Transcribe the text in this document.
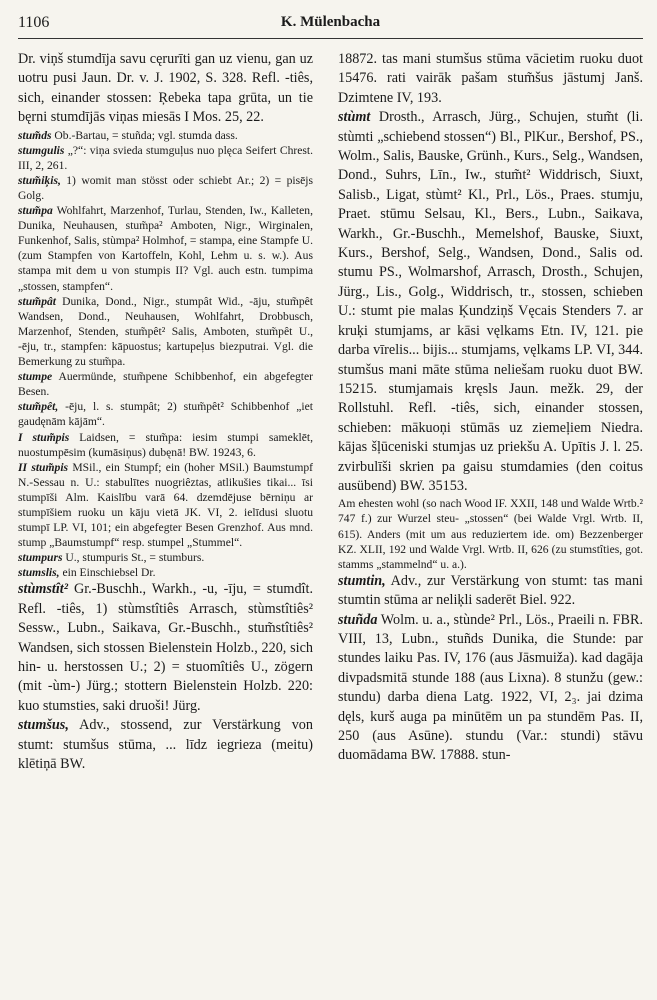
1106	K. Mülenbacha

Dr. viņš stumdīja savu cęrurīti gan uz vienu, gan uz uotru pusi Jaun. Dr. v. J. 1902, S. 328. Refl. -tiês, sich, einander stossen: Ŗebeka tapa grūta, un tie bęrni stumdījās viņas miesās I Mos. 25, 22.

stum̃ds Ob.-Bartau, = stuñda; vgl. stumda dass.

stumgulis „?“: viņa svieda stumguļus nuo plęca Seifert Chrest. III, 2, 261.

stum̃iķis, 1) womit man stösst oder schiebt Ar.; 2) = pisējs Golg.

stum̃pa Wohlfahrt, Marzenhof, Turlau, Stenden, Iw., Kalleten, Dunika, Neuhausen, stum̃pa² Amboten, Nigr., Wirginalen, Funkenhof, Salis, stùmpa² Holmhof, = stampa, eine Stampfe U. (zum Stampfen von Kartoffeln, Kohl, Lehm u. s. w.). Aus stampa mit dem u von stumpis II? Vgl. auch estn. tumpima „stossen, stampfen“.

stum̃pât Dunika, Dond., Nigr., stumpât Wid., -āju, stum̃pêt Wandsen, Dond., Neuhausen, Wohlfahrt, Drobbusch, Marzenhof, Stenden, stum̃pêt² Salis, Amboten, stum̃pêt U., -ēju, tr., stampfen: kāpuostus; kartupeļus biezputrai. Vgl. die Bemerkung zu stum̃pa.

stumpe Auermünde, stum̃pene Schibbenhof, ein abgefegter Besen.

stum̃pêt, -ēju, l. s. stumpât; 2) stum̃pêt² Schibbenhof „iet gaudęnām kājām“.

I stum̃pis Laidsen, = stum̃pa: iesim stumpi sameklēt, nuostumpēsim (kumāsiņus) dubęnā! BW. 19243, 6.

II stum̃pis MSil., ein Stumpf; ein (hoher MSil.) Baumstumpf N.-Sessau n. U.: stabulītes nuogriêztas, atlikušies tikai... īsi stumpīši Alm. Kaislību varā 64. dzemdējuse bērniņu ar stumpīšiem ruoku un kāju vietā JK. VI, 2. ielīdusi sluotu stumpī LP. VI, 101; ein abgefegter Besen Grenzhof. Aus mnd. stump „Baumstumpf“ resp. stumpel „Stummel“.

stumpurs U., stumpuris St., = stumburs.

stumslis, ein Einschiebsel Dr.

stùmstît² Gr.-Buschh., Warkh., -u, -īju, = stumdît. Refl. -tiês, 1) stùmstîtiês Arrasch, stùmstîtiês² Sessw., Lubn., Saikava, Gr.-Buschh., stum̃stîtiês² Wandsen, sich stossen Bielenstein Holzb., 220, sich hin- u. herstossen U.; 2) = stuomîtiês U., zögern (mit -ùm-) Jürg.; stottern Bielenstein Holzb. 220: kuo stumsties, saki druoši! Jürg.

stumšus, Adv., stossend, zur Verstärkung von stumt: stumšus stūma, ... līdz iegrieza (meitu) klētiņā BW.

18872. tas mani stumšus stūma vācietim ruoku duot 15476. rati vairāk pašam stum̃šus jāstumj Janš. Dzimtene IV, 193.

stùmt Drosth., Arrasch, Jürg., Schujen, stum̃t (li. stùmti „schiebend stossen“) Bl., PlKur., Bershof, PS., Wolm., Salis, Bauske, Grünh., Kurs., Selg., Wandsen, Dond., Suhrs, Līn., Iw., stum̃t² Widdrisch, Siuxt, Salisb., Ligat, stùmt² Kl., Prl., Lös., Praes. stumju, Praet. stūmu Selsau, Kl., Bers., Lubn., Saikava, Warkh., Gr.-Buschh., Memelshof, Bauske, Siuxt, Kurs., Bershof, Selg., Wandsen, Dond., Salis od. stumu PS., Wolmarshof, Arrasch, Drosth., Schujen, Jürg., Lis., Golg., Widdrisch, tr., stossen, schieben U.: stumt pie malas Ķundziņš Vęcais Stenders 7. ar kruķi stumjams, ar kāsi vęlkams Etn. IV, 121. pie darba vīrelis... bijis... stumjams, vęlkams LP. VI, 344. stumšus mani māte stūma neliešam ruoku duot BW. 15215. stumjamais kręsls Jaun. mežk. 29, der Rollstuhl. Refl. -tiês, sich, einander stossen, schieben: mākuoņi stūmās uz ziemeļiem Niedra. kājas šļūceniski stumjas uz priekšu A. Upītis J. l. 25. zvirbulīši skrien pa gaisu stumdamies (den coitus ausübend) BW. 35153.

Am ehesten wohl (so nach Wood IF. XXII, 148 und Walde Wrtb.² 747 f.) zur Wurzel steu- „stossen“ (bei Walde Vrgl. Wrtb. II, 615). Anders (mit um aus reduziertem ide. om) Bezzenberger KZ. XLII, 192 und Walde Vrgl. Wrtb. II, 626 (zu stumstîties, got. stamms „stammelnd“ u. a.).

stumtin, Adv., zur Verstärkung von stumt: tas mani stumtin stūma ar neliķli saderēt Biel. 922.

stuñda Wolm. u. a., stùnde² Prl., Lös., Praeili n. FBR. VIII, 13, Lubn., stuñds Dunika, die Stunde: par stundes laiku Pas. IV, 176 (aus Jāsmuiža). kad dagāja divpadsmitā stunde 188 (aus Lixna). 8 stunžu (gew.: stundu) darba diena Latg. 1922, VI, 2₃. jai dzima dęls, kurš auga pa minūtēm un pa stundēm Pas. II, 250 (aus Asūne). stundu (Var.: stundi) stāvu duomādama BW. 17888. stun-
